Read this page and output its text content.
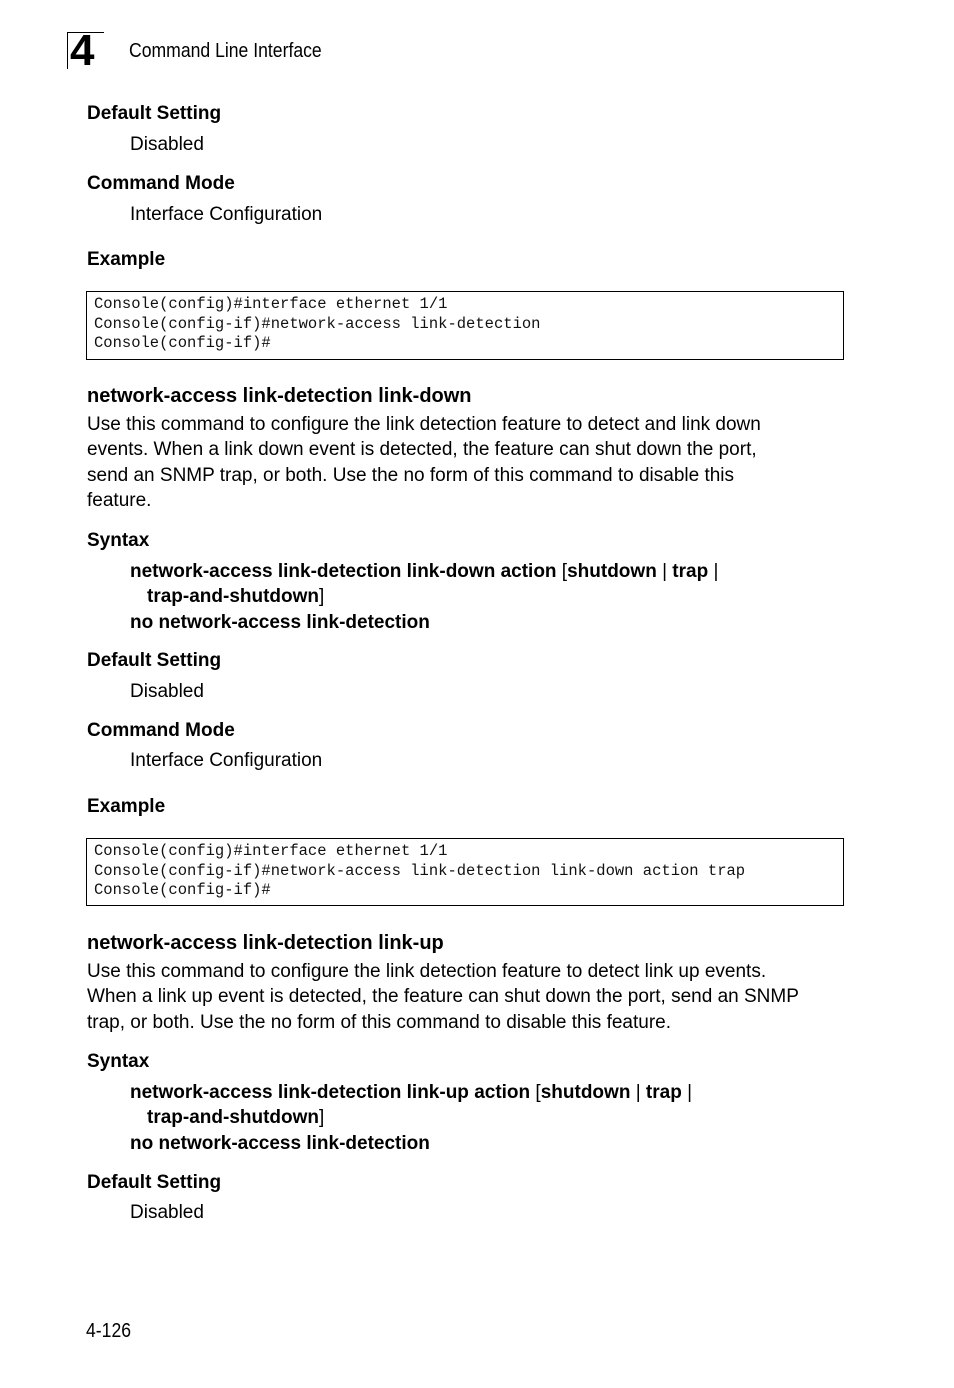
4 Command Line Interface
Default Setting
Disabled
Command Mode
Interface Configuration
Example
Console(config)#interface ethernet 1/1
Console(config-if)#network-access link-detection
Console(config-if)#
network-access link-detection link-down
Use this command to configure the link detection feature to detect and link down
events. When a link down event is detected, the feature can shut down the port,
send an SNMP trap, or both. Use the no form of this command to disable this
feature.
Syntax
network-access link-detection link-down action [shutdown | trap |
trap-and-shutdown]
no network-access link-detection
Default Setting
Disabled
Command Mode
Interface Configuration
Example
Console(config)#interface ethernet 1/1
Console(config-if)#network-access link-detection link-down action trap
Console(config-if)#
network-access link-detection link-up
Use this command to configure the link detection feature to detect link up events.
When a link up event is detected, the feature can shut down the port, send an SNMP
trap, or both. Use the no form of this command to disable this feature.
Syntax
network-access link-detection link-up action [shutdown | trap |
trap-and-shutdown]
no network-access link-detection
Default Setting
Disabled
4-126
